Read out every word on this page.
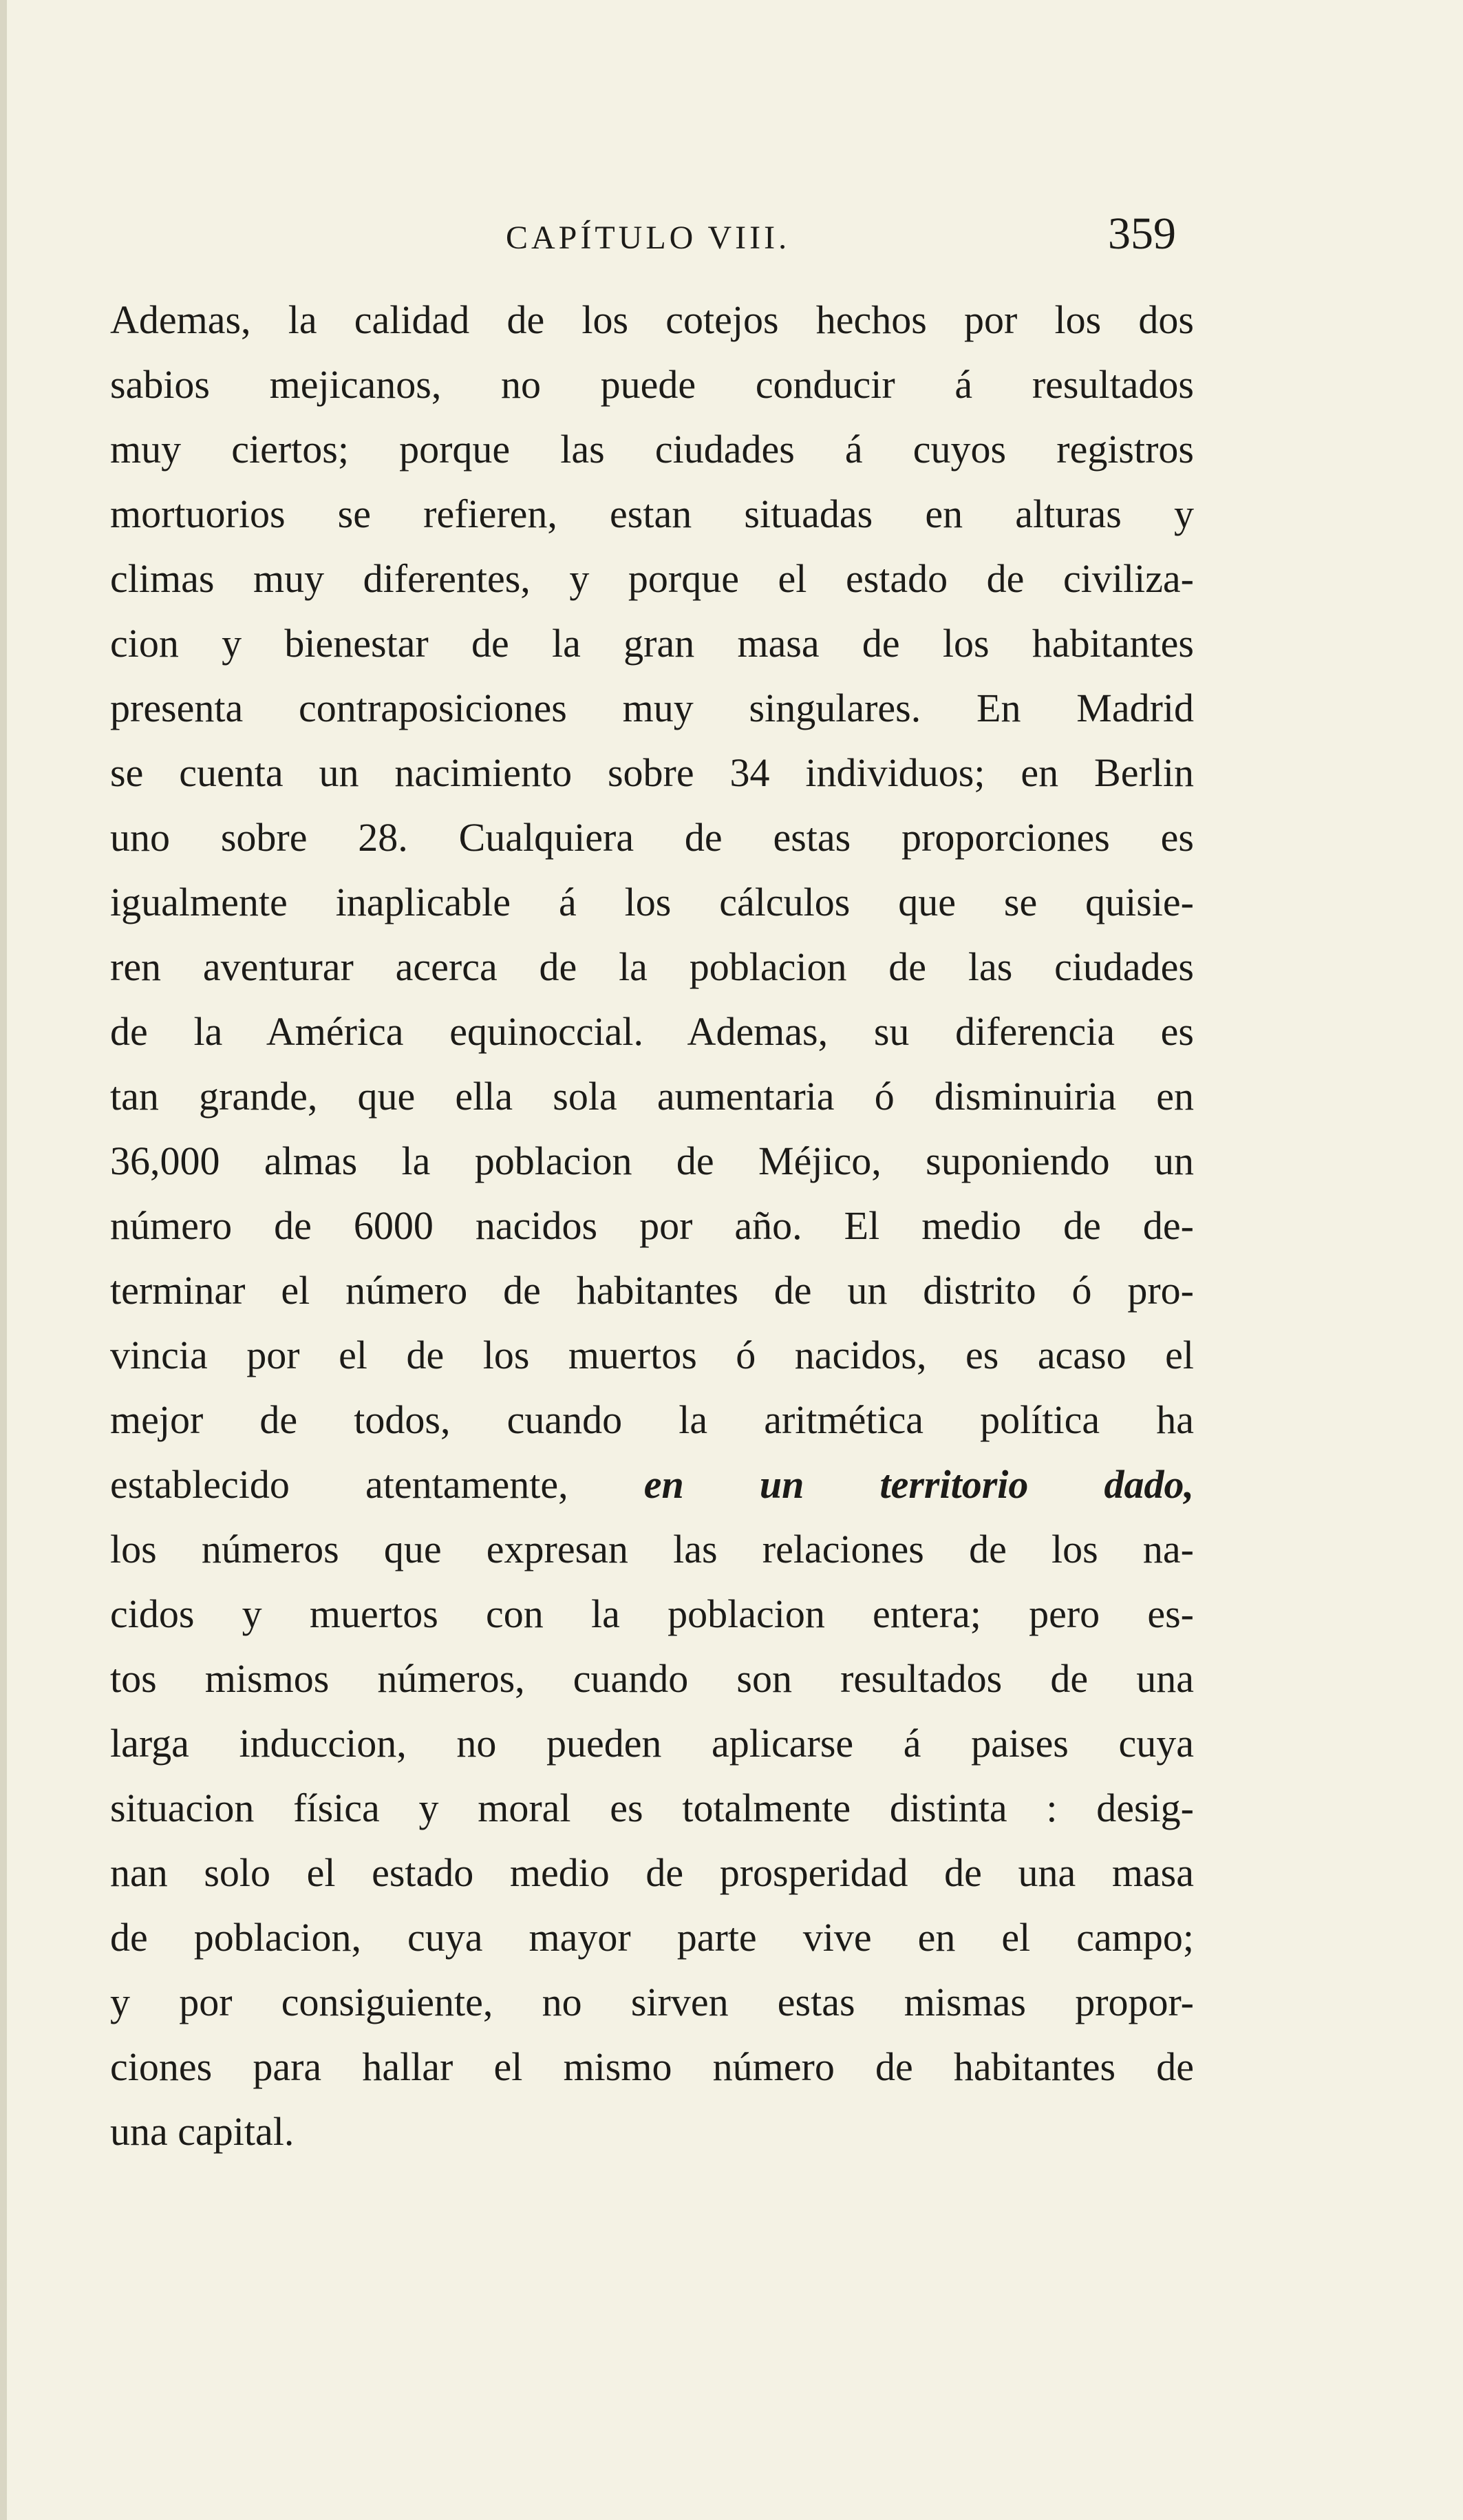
CAPÍTULO VIII.	359
Ademas, la calidad de los cotejos hechos por los dos
sabios mejicanos, no puede conducir á resultados
muy ciertos; porque las ciudades á cuyos registros
mortuorios se refieren, estan situadas en alturas y
climas muy diferentes, y porque el estado de civiliza-
cion y bienestar de la gran masa de los habitantes
presenta contraposiciones muy singulares. En Madrid
se cuenta un nacimiento sobre 34 individuos; en Berlin
uno sobre 28. Cualquiera de estas proporciones es
igualmente inaplicable á los cálculos que se quisie-
ren aventurar acerca de la poblacion de las ciudades
de la América equinoccial. Ademas, su diferencia es
tan grande, que ella sola aumentaria ó disminuiria en
36,000 almas la poblacion de Méjico, suponiendo un
número de 6000 nacidos por año. El medio de de-
terminar el número de habitantes de un distrito ó pro-
vincia por el de los muertos ó nacidos, es acaso el
mejor de todos, cuando la aritmética política ha
establecido atentamente, en un territorio dado,
los números que expresan las relaciones de los na-
cidos y muertos con la poblacion entera; pero es-
tos mismos números, cuando son resultados de una
larga induccion, no pueden aplicarse á paises cuya
situacion física y moral es totalmente distinta : desig-
nan solo el estado medio de prosperidad de una masa
de poblacion, cuya mayor parte vive en el campo;
y por consiguiente, no sirven estas mismas propor-
ciones para hallar el mismo número de habitantes de
una capital.
